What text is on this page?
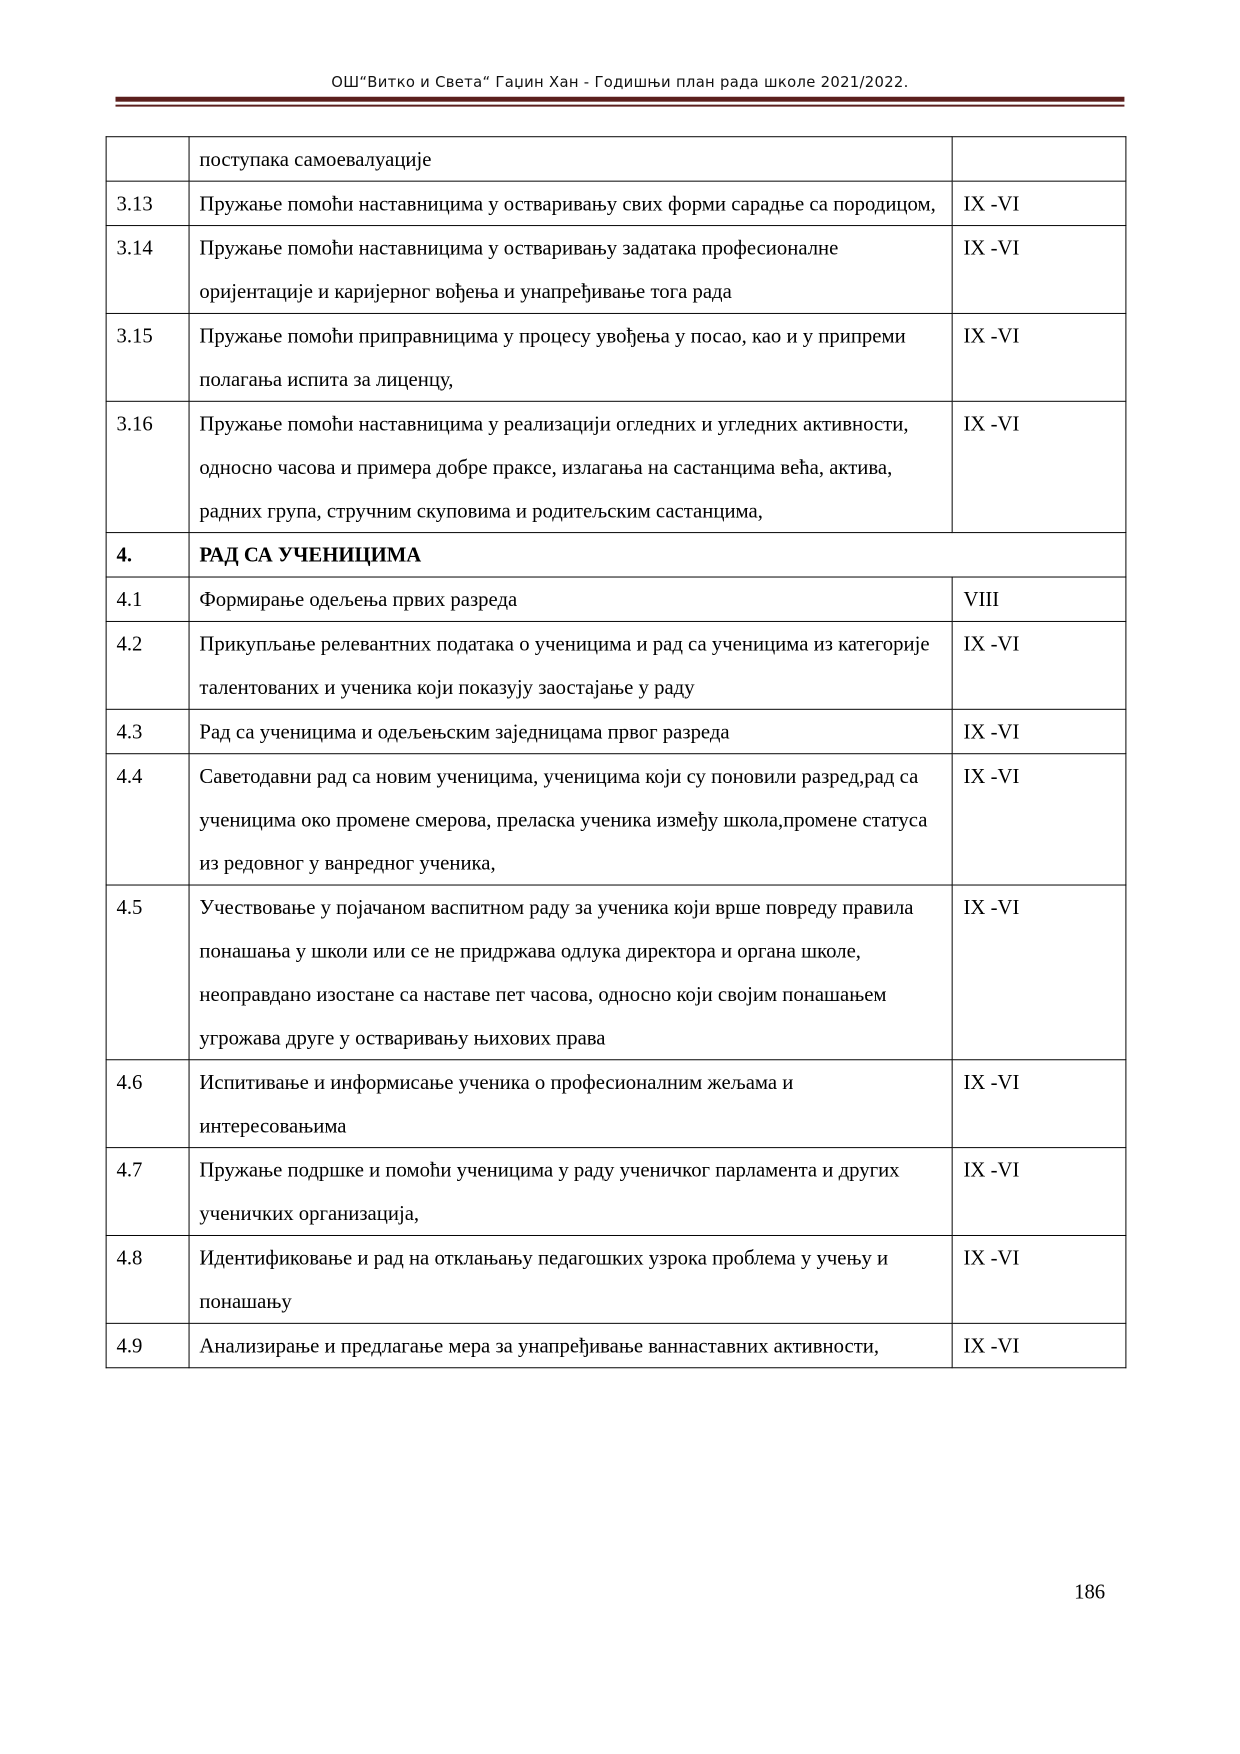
ОШ“Витко и Света“ Гаџин Хан - Годишњи план рада школе 2021/2022.
	поступака самоевалуације	
3.13	Пружање помоћи наставницима у остваривању свих форми сарадње са породицом,	IX -VI
3.14	Пружање помоћи наставницима у остваривању задатака професионалне оријентације и каријерног вођења и унапређивање тога рада	IX -VI
3.15	Пружање помоћи приправницима у процесу увођења у посао, као и у припреми полагања испита за лиценцу,	IX -VI
3.16	Пружање помоћи наставницима у реализацији огледних и угледних активности, односно часова и примера добре праксе, излагања на састанцима већа, актива, радних група, стручним скуповима и родитељским састанцима,	IX -VI
4.	РАД СА УЧЕНИЦИМА	
4.1	Формирање одељења првих разреда	VIII
4.2	Прикупљање релевантних података о ученицима и рад са ученицима из категорије талентованих и ученика који показују заостајање у раду	IX -VI
4.3	Рад са ученицима и одељењским заједницама првог разреда	IX -VI
4.4	Саветодавни рад са новим ученицима, ученицима који су поновили разред,рад са ученицима око промене смерова, преласка ученика између школа,промене статуса из редовног у ванредног ученика,	IX -VI
4.5	Учествовање у појачаном васпитном раду за ученика који врше повреду правила понашања у школи или се не придржава одлука директора и органа школе, неоправдано изостане са наставе пет часова, односно који својим понашањем угрожава друге у остваривању њихових права	IX -VI
4.6	Испитивање и информисање ученика о професионалним жељама и интересовањима	IX -VI
4.7	Пружање подршке и помоћи ученицима у раду ученичког парламента и других ученичких организација,	IX -VI
4.8	Идентификовање и рад на отклањању педагошких узрока проблема у учењу и понашању	IX -VI
4.9	Анализирање и предлагање мера за унапређивање ваннаставних активности,	IX -VI
186
